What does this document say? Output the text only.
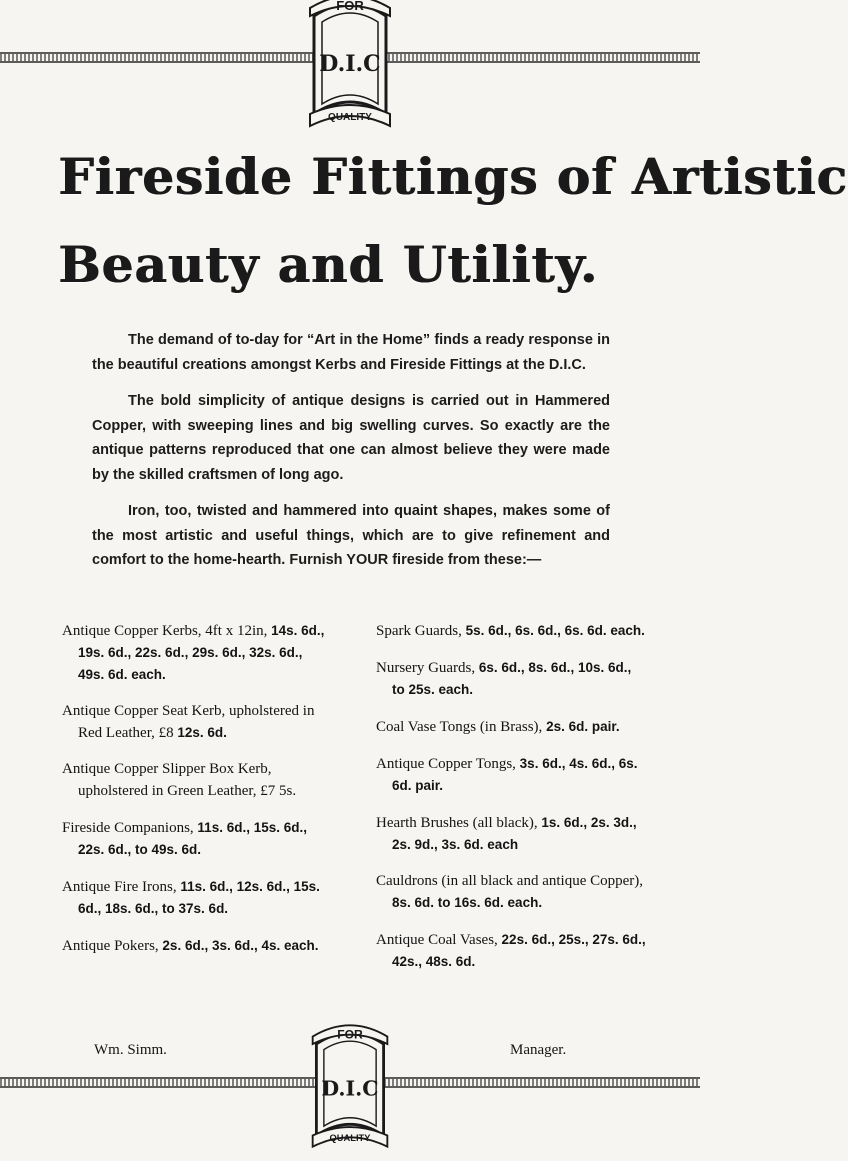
FOR
D.I.C
QUALITY
Fireside Fittings of Artistic
Beauty and Utility.

The demand of to-day for “Art in the Home” finds a ready response in the beautiful creations amongst Kerbs and Fireside Fittings at the D.I.C.

The bold simplicity of antique designs is carried out in Hammered Copper, with sweeping lines and big swelling curves. So exactly are the antique patterns reproduced that one can almost believe they were made by the skilled craftsmen of long ago.

Iron, too, twisted and hammered into quaint shapes, makes some of the most artistic and useful things, which are to give refinement and comfort to the home-hearth. Furnish YOUR fireside from these:—

Antique Copper Kerbs, 4ft x 12in, 14s. 6d., 19s. 6d., 22s. 6d., 29s. 6d., 32s. 6d., 49s. 6d. each.
Antique Copper Seat Kerb, upholstered in Red Leather, £8 12s. 6d.
Antique Copper Slipper Box Kerb, upholstered in Green Leather, £7 5s.
Fireside Companions, 11s. 6d., 15s. 6d., 22s. 6d., to 49s. 6d.
Antique Fire Irons, 11s. 6d., 12s. 6d., 15s. 6d., 18s. 6d., to 37s. 6d.
Antique Pokers, 2s. 6d., 3s. 6d., 4s. each.
Spark Guards, 5s. 6d., 6s. 6d., 6s. 6d. each.
Nursery Guards, 6s. 6d., 8s. 6d., 10s. 6d., to 25s. each.
Coal Vase Tongs (in Brass), 2s. 6d. pair.
Antique Copper Tongs, 3s. 6d., 4s. 6d., 6s. 6d. pair.
Hearth Brushes (all black), 1s. 6d., 2s. 3d., 2s. 9d., 3s. 6d. each
Cauldrons (in all black and antique Copper), 8s. 6d. to 16s. 6d. each.
Antique Coal Vases, 22s. 6d., 25s., 27s. 6d., 42s., 48s. 6d.
Wm. Simm.	Manager.
FOR
D.I.C
QUALITY
